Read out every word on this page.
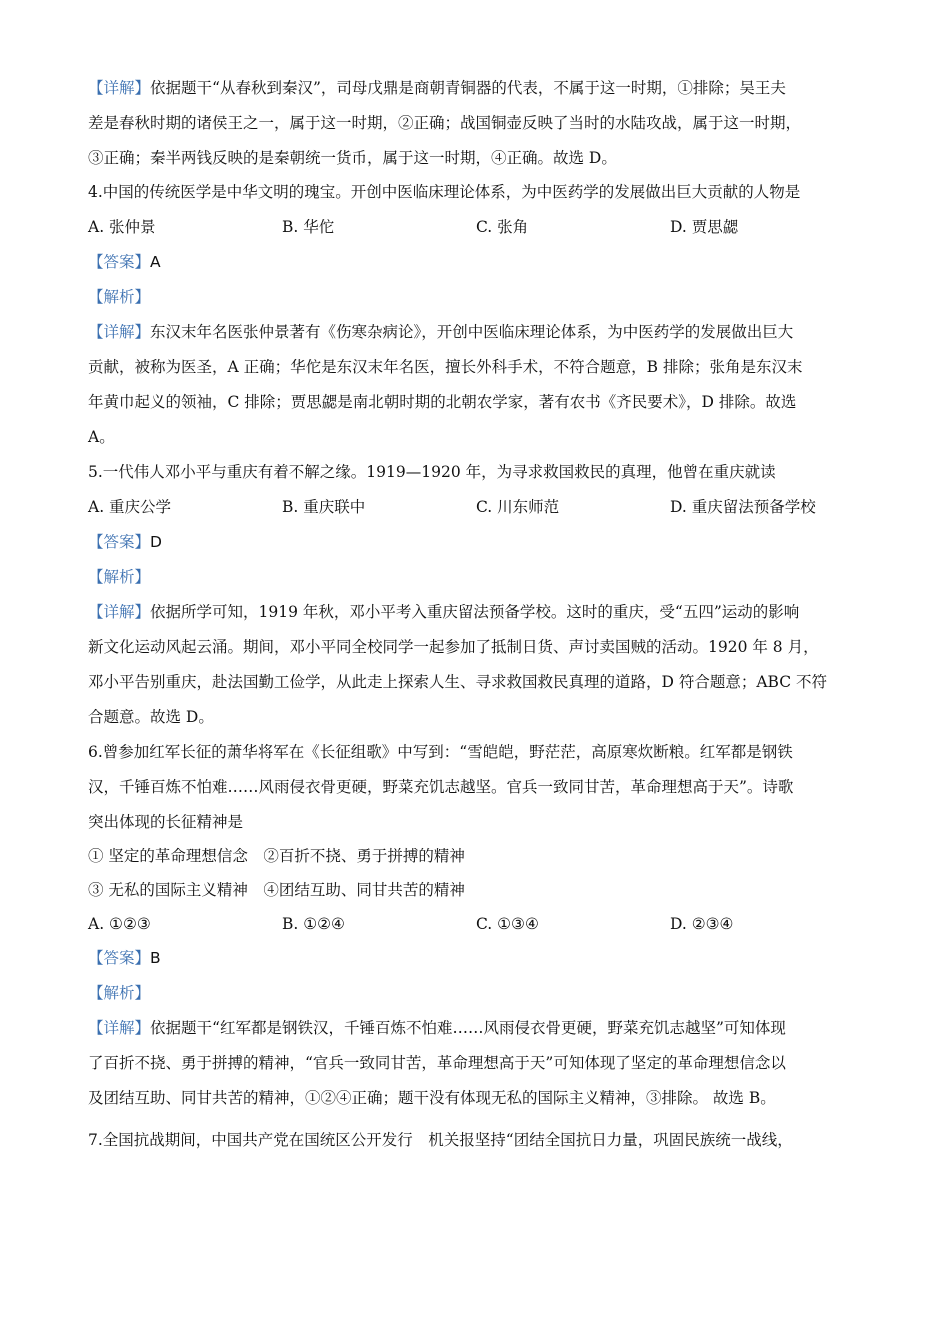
【详解】依据题干“从春秋到秦汉”，司母戊鼎是商朝青铜器的代表，不属于这一时期，①排除；吴王夫
差是春秋时期的诸侯王之一，属于这一时期，②正确；战国铜壶反映了当时的水陆攻战，属于这一时期，
③正确；秦半两钱反映的是秦朝统一货币，属于这一时期，④正确。故选 D。
4.中国的传统医学是中华文明的瑰宝。开创中医临床理论体系，为中医药学的发展做出巨大贡献的人物是
A. 张仲景	B. 华佗	C. 张角	D. 贾思勰
【答案】A
【解析】
【详解】东汉末年名医张仲景著有《伤寒杂病论》，开创中医临床理论体系，为中医药学的发展做出巨大
贡献，被称为医圣，A 正确；华佗是东汉末年名医，擅长外科手术，不符合题意，B 排除；张角是东汉末
年黄巾起义的领袖，C 排除；贾思勰是南北朝时期的北朝农学家，著有农书《齐民要术》，D 排除。故选
A。
5.一代伟人邓小平与重庆有着不解之缘。1919—1920 年，为寻求救国救民的真理，他曾在重庆就读
A. 重庆公学	B. 重庆联中	C. 川东师范	D. 重庆留法预备学校
【答案】D
【解析】
【详解】依据所学可知，1919 年秋，邓小平考入重庆留法预备学校。这时的重庆，受“五四”运动的影响
新文化运动风起云涌。期间，邓小平同全校同学一起参加了抵制日货、声讨卖国贼的活动。1920 年 8 月，
邓小平告别重庆，赴法国勤工俭学，从此走上探索人生、寻求救国救民真理的道路，D 符合题意；ABC 不符
合题意。故选 D。
6.曾参加红军长征的萧华将军在《长征组歌》中写到：“雪皑皑，野茫茫，高原寒炊断粮。红军都是钢铁
汉，千锤百炼不怕难……风雨侵衣骨更硬，野菜充饥志越坚。官兵一致同甘苦，革命理想高于天”。诗歌
突出体现的长征精神是
① 坚定的革命理想信念　②百折不挠、勇于拼搏的精神
③ 无私的国际主义精神　④团结互助、同甘共苦的精神
A. ①②③	B. ①②④	C. ①③④	D. ②③④
【答案】B
【解析】
【详解】依据题干“红军都是钢铁汉，千锤百炼不怕难……风雨侵衣骨更硬，野菜充饥志越坚”可知体现
了百折不挠、勇于拼搏的精神，“官兵一致同甘苦，革命理想高于天”可知体现了坚定的革命理想信念以
及团结互助、同甘共苦的精神，①②④正确；题干没有体现无私的国际主义精神，③排除。 故选 B。
7.全国抗战期间，中国共产党在国统区公开发行　机关报坚持“团结全国抗日力量，巩固民族统一战线，
